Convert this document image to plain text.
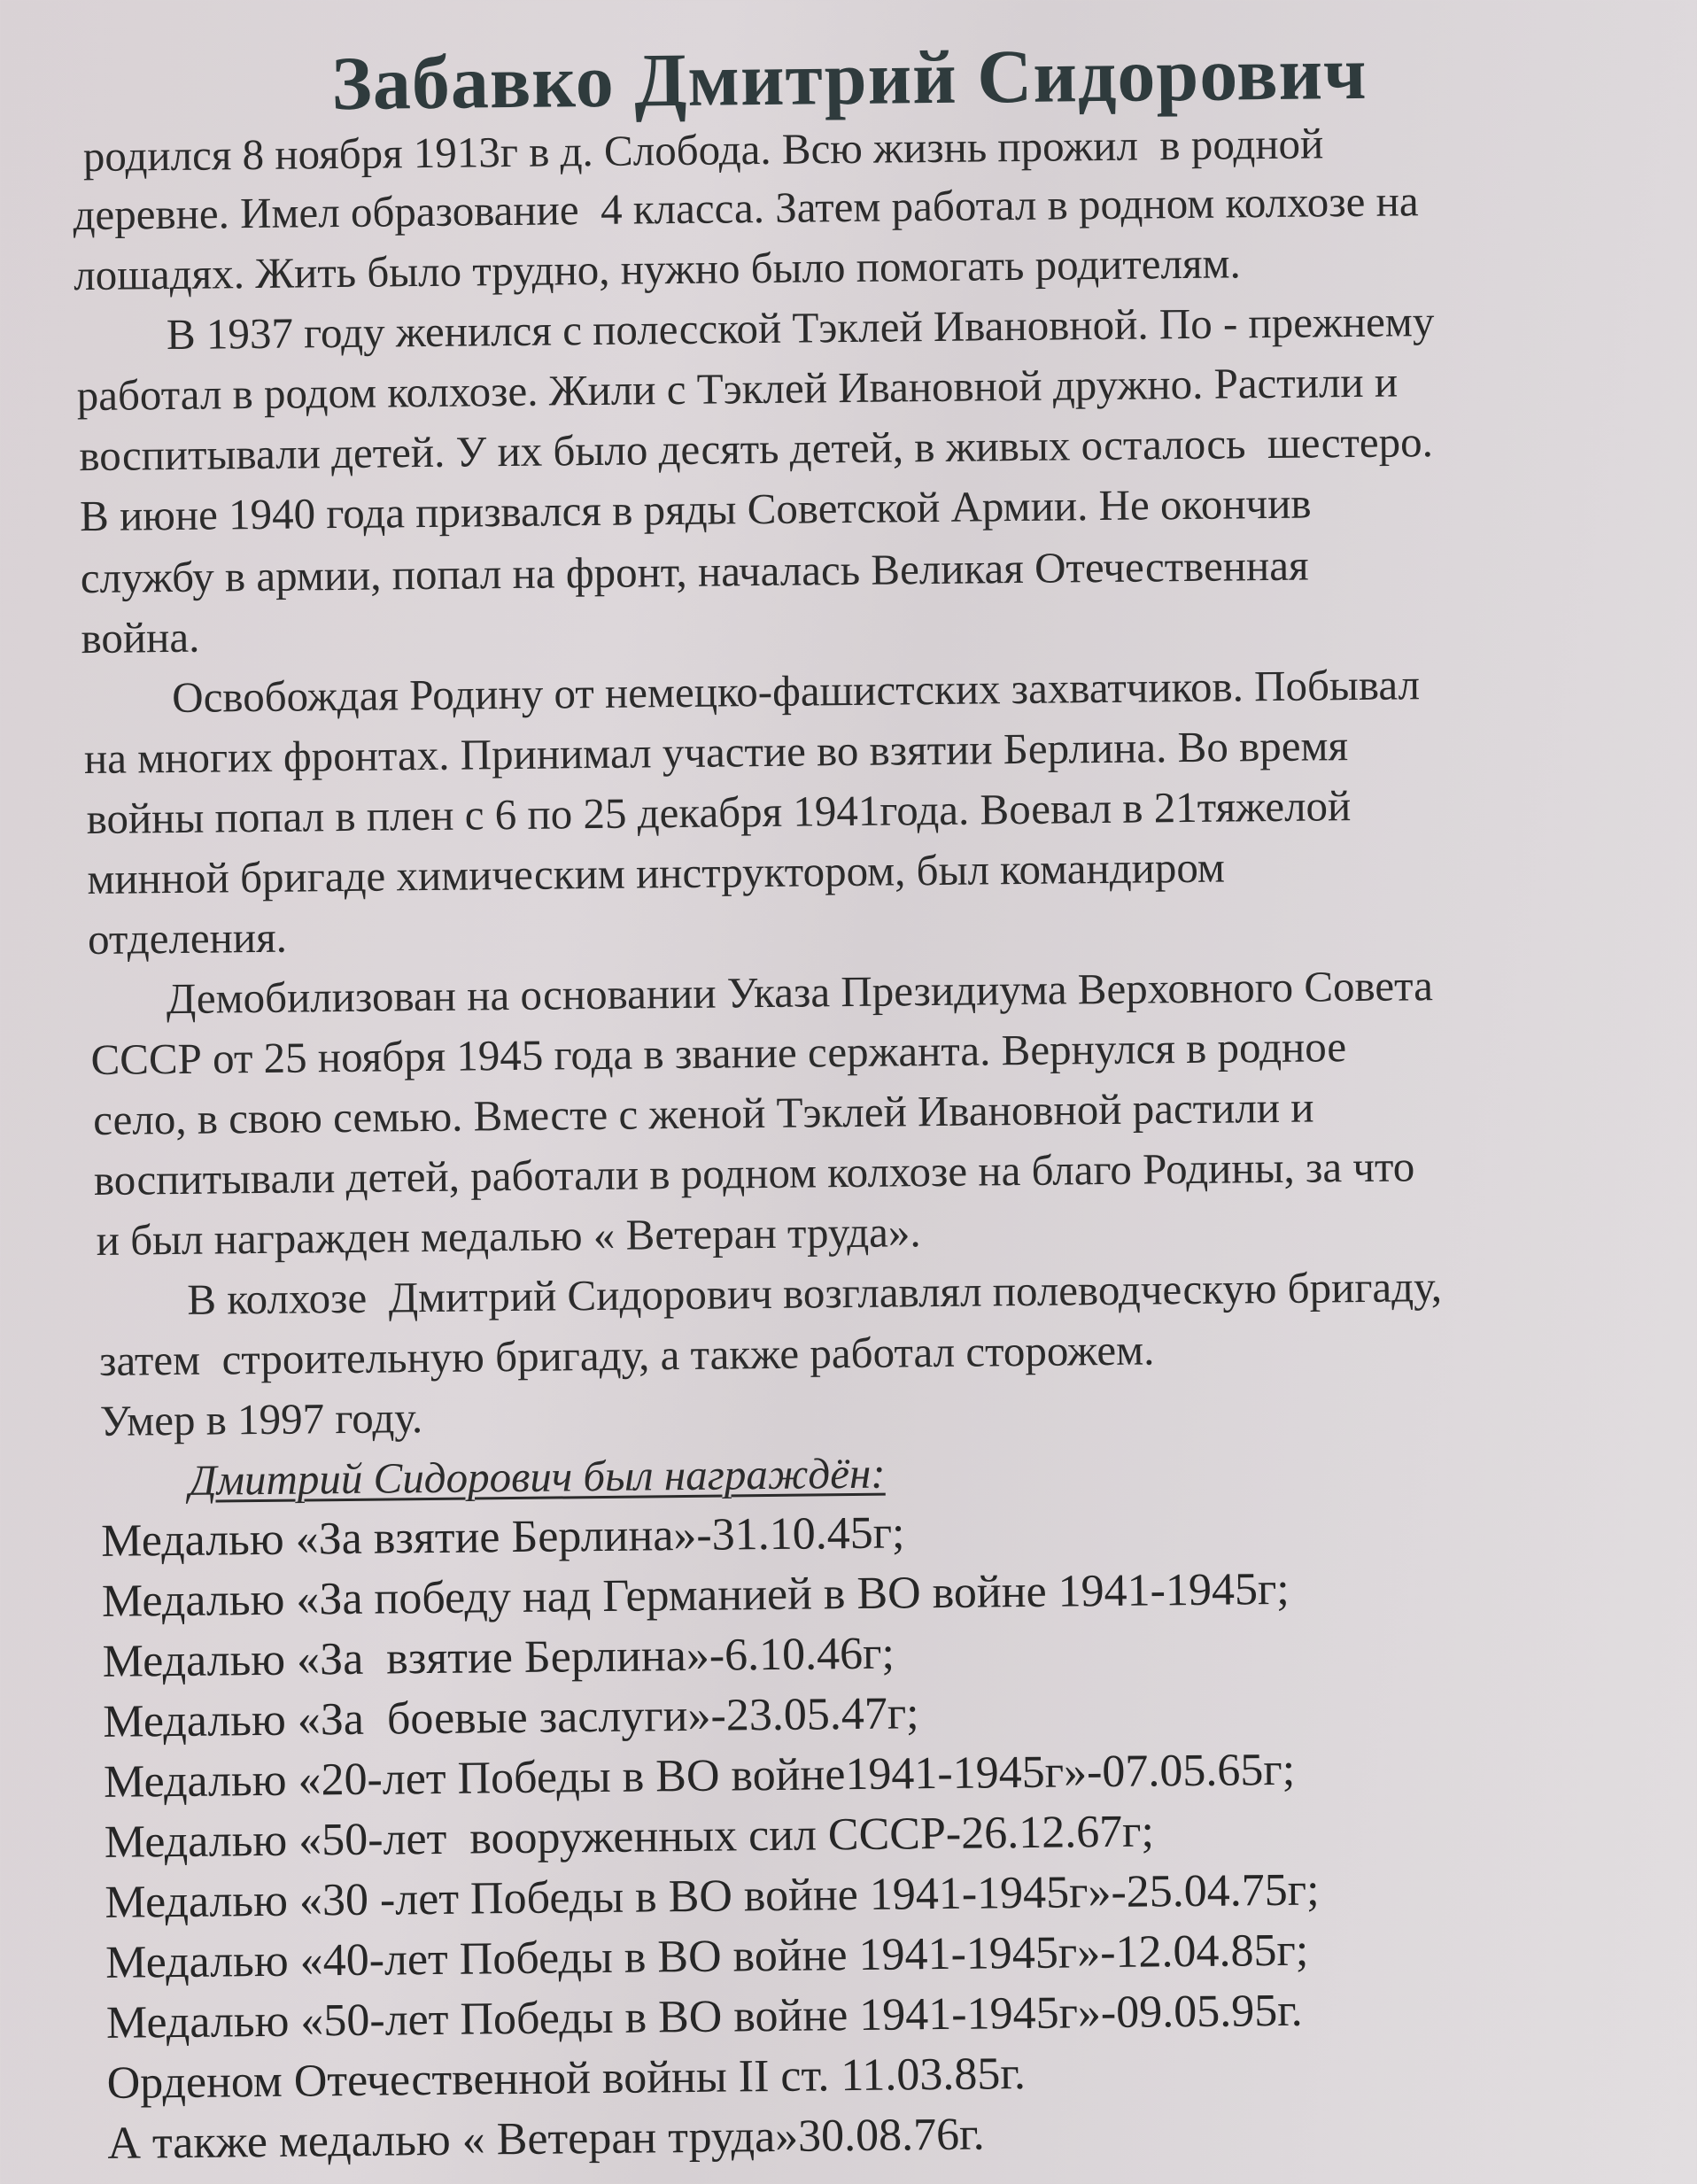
Забавко Дмитрий Сидорович
родился 8 ноября 1913г в д. Слобода. Всю жизнь прожил  в родной
деревне. Имел образование  4 класса. Затем работал в родном колхозе на
лошадях. Жить было трудно, нужно было помогать родителям.
В 1937 году женился с полесской Тэклей Ивановной. По - прежнему
работал в родом колхозе. Жили с Тэклей Ивановной дружно. Растили и
воспитывали детей. У их было десять детей, в живых осталось  шестеро.
В июне 1940 года призвался в ряды Советской Армии. Не окончив
службу в армии, попал на фронт, началась Великая Отечественная
война.
Освобождая Родину от немецко-фашистских захватчиков. Побывал
на многих фронтах. Принимал участие во взятии Берлина. Во время
войны попал в плен с 6 по 25 декабря 1941года. Воевал в 21тяжелой
минной бригаде химическим инструктором, был командиром
отделения.
Демобилизован на основании Указа Президиума Верховного Совета
СССР от 25 ноября 1945 года в звание сержанта. Вернулся в родное
село, в свою семью. Вместе с женой Тэклей Ивановной растили и
воспитывали детей, работали в родном колхозе на благо Родины, за что
и был награжден медалью « Ветеран труда».
В колхозе  Дмитрий Сидорович возглавлял полеводческую бригаду,
затем  строительную бригаду, а также работал сторожем.
Умер в 1997 году.
Дмитрий Сидорович был награждён:
Медалью «За взятие Берлина»-31.10.45г;
Медалью «За победу над Германией в ВО войне 1941-1945г;
Медалью «За  взятие Берлина»-6.10.46г;
Медалью «За  боевые заслуги»-23.05.47г;
Медалью «20-лет Победы в ВО войне1941-1945г»-07.05.65г;
Медалью «50-лет  вооруженных сил СССР-26.12.67г;
Медалью «30 -лет Победы в ВО войне 1941-1945г»-25.04.75г;
Медалью «40-лет Победы в ВО войне 1941-1945г»-12.04.85г;
Медалью «50-лет Победы в ВО войне 1941-1945г»-09.05.95г.
Орденом Отечественной войны II ст. 11.03.85г.
А также медалью « Ветеран труда»30.08.76г.
